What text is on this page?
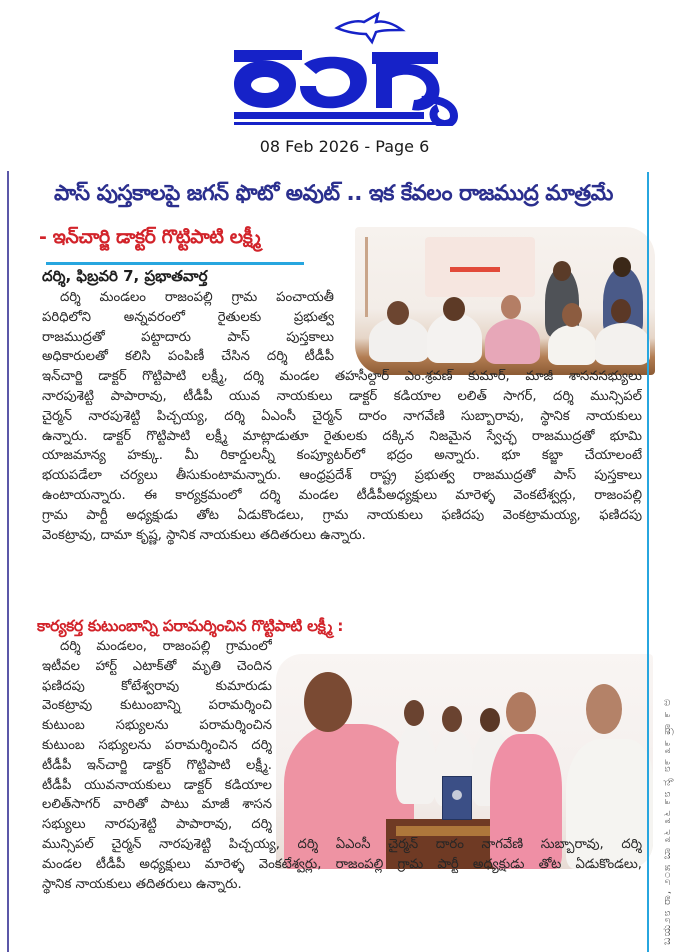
08 Feb 2026 - Page 6
పాస్ పుస్తకాలపై జగన్ ఫొటో అవుట్ .. ఇక కేవలం రాజముద్ర మాత్రమే
- ఇన్‌చార్జి డాక్టర్ గొట్టిపాటి లక్ష్మీ
దర్శి, ఫిబ్రవరి 7, ప్రభాతవార్త
దర్శి మండలం రాజంపల్లి గ్రామ పంచాయతీ
పరిధిలోని అన్నవరంలో రైతులకు ప్రభుత్వ
రాజముద్రతో పట్టాదారు పాస్ పుస్తకాలు
అధికారులతో కలిసి పంపిణీ చేసిన దర్శి టీడీపీ
ఇన్‌చార్జి డాక్టర్ గొట్టిపాటి లక్ష్మీ, దర్శి మండల తహసీల్దార్ ఎం.శ్రవణ్ కుమార్, మాజీ శాసనసభ్యులు
నారపుశెట్టి పాపారావు, టీడీపీ యువ నాయకులు డాక్టర్ కడియాల లలిత్ సాగర్, దర్శి మున్సిపల్
చైర్మన్ నారపుశెట్టి పిచ్చయ్య, దర్శి ఏఎంసీ చైర్మన్ దారం నాగవేణి సుబ్బారావు, స్థానిక నాయకులు
ఉన్నారు. డాక్టర్ గొట్టిపాటి లక్ష్మీ మాట్లాడుతూ రైతులకు దక్కిన నిజమైన స్వేచ్ఛ రాజముద్రతో భూమి
యాజమాన్య హక్కు. మీ రికార్డులన్నీ కంప్యూటర్‌లో భద్రం అన్నారు. భూ కబ్జా చేయాలంటే
భయపడేలా చర్యలు తీసుకుంటామన్నారు. ఆంధ్రప్రదేశ్ రాష్ట్ర ప్రభుత్వ రాజముద్రతో పాస్ పుస్తకాలు
ఉంటాయన్నారు. ఈ కార్యక్రమంలో దర్శి మండల టీడీపీఅధ్యక్షులు మారెళ్ళ వెంకటేశ్వర్లు, రాజంపల్లి
గ్రామ పార్టీ అధ్యక్షుడు తోట ఏడుకొండలు, గ్రామ నాయకులు ఫణిదపు వెంకట్రామయ్య, ఫణిదపు
వెంకట్రావు, దామా కృష్ణ, స్థానిక నాయకులు తదితరులు ఉన్నారు.
కార్యకర్త కుటుంబాన్ని పరామర్శించిన గొట్టిపాటి లక్ష్మీ :
దర్శి మండలం, రాజంపల్లి గ్రామంలో
ఇటీవల హార్ట్ ఎటాక్‌తో మృతి చెందిన
ఫణిదపు కోటేశ్వరావు కుమారుడు
వెంకట్రావు కుటుంబాన్ని పరామర్శించి
కుటుంబ సభ్యులను పరామర్శించిన
కుటుంబ సభ్యులను పరామర్శించిన దర్శి
టీడీపీ ఇన్‌చార్జి డాక్టర్ గొట్టిపాటి లక్ష్మీ.
టీడీపీ యువనాయకులు డాక్టర్ కడియాల
లలిత్‌సాగర్ వారితో పాటు మాజీ శాసన
సభ్యులు నారపుశెట్టి పాపారావు, దర్శి
మున్సిపల్ చైర్మన్ నారపుశెట్టి పిచ్చయ్య, దర్శి ఏఎంసీ చైర్మన్ దారం నాగవేణి సుబ్బారావు, దర్శి
మండల టీడీపీ అధ్యక్షులు మారెళ్ళ వెంకటేశ్వర్లు, రాజంపల్లి గ్రామ పార్టీ అధ్యక్షుడు తోట ఏడుకొండలు,
స్థానిక నాయకులు తదితరులు ఉన్నారు.	ಬಯ೨೮ ರಾ, ೨೦೫ ಬಾ ೩೬ ೩೬ ೯೮ ನೃ ೮೯ ೩೯ ಪ್ರಾ ೯ ಅ
